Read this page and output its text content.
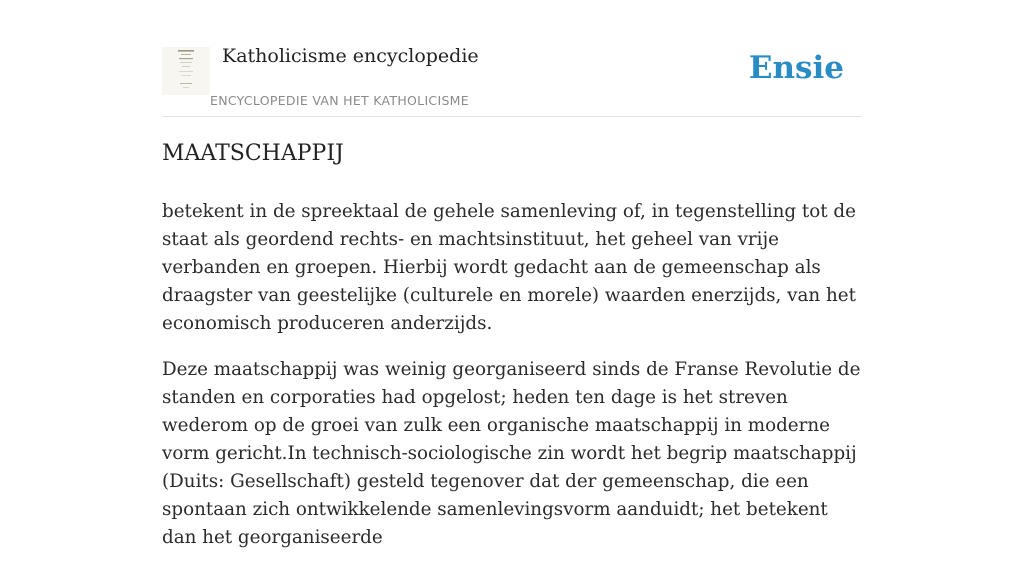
Katholicisme encyclopedie

ENCYCLOPEDIE VAN HET KATHOLICISME

Ensie
MAATSCHAPPIJ

betekent in de spreektaal de gehele samenleving of, in tegenstelling tot de staat als geordend rechts- en machtsinstituut, het geheel van vrije verbanden en groepen. Hierbij wordt gedacht aan de gemeenschap als draagster van geestelijke (culturele en morele) waarden enerzijds, van het economisch produceren anderzijds.

Deze maatschappij was weinig georganiseerd sinds de Franse Revolutie de standen en corporaties had opgelost; heden ten dage is het streven wederom op de groei van zulk een organische maatschappij in moderne vorm gericht.In technisch-sociologische zin wordt het begrip maatschappij (Duits: Gesellschaft) gesteld tegenover dat der gemeenschap, die een spontaan zich ontwikkelende samenlevingsvorm aanduidt; het betekent dan het georganiseerde
